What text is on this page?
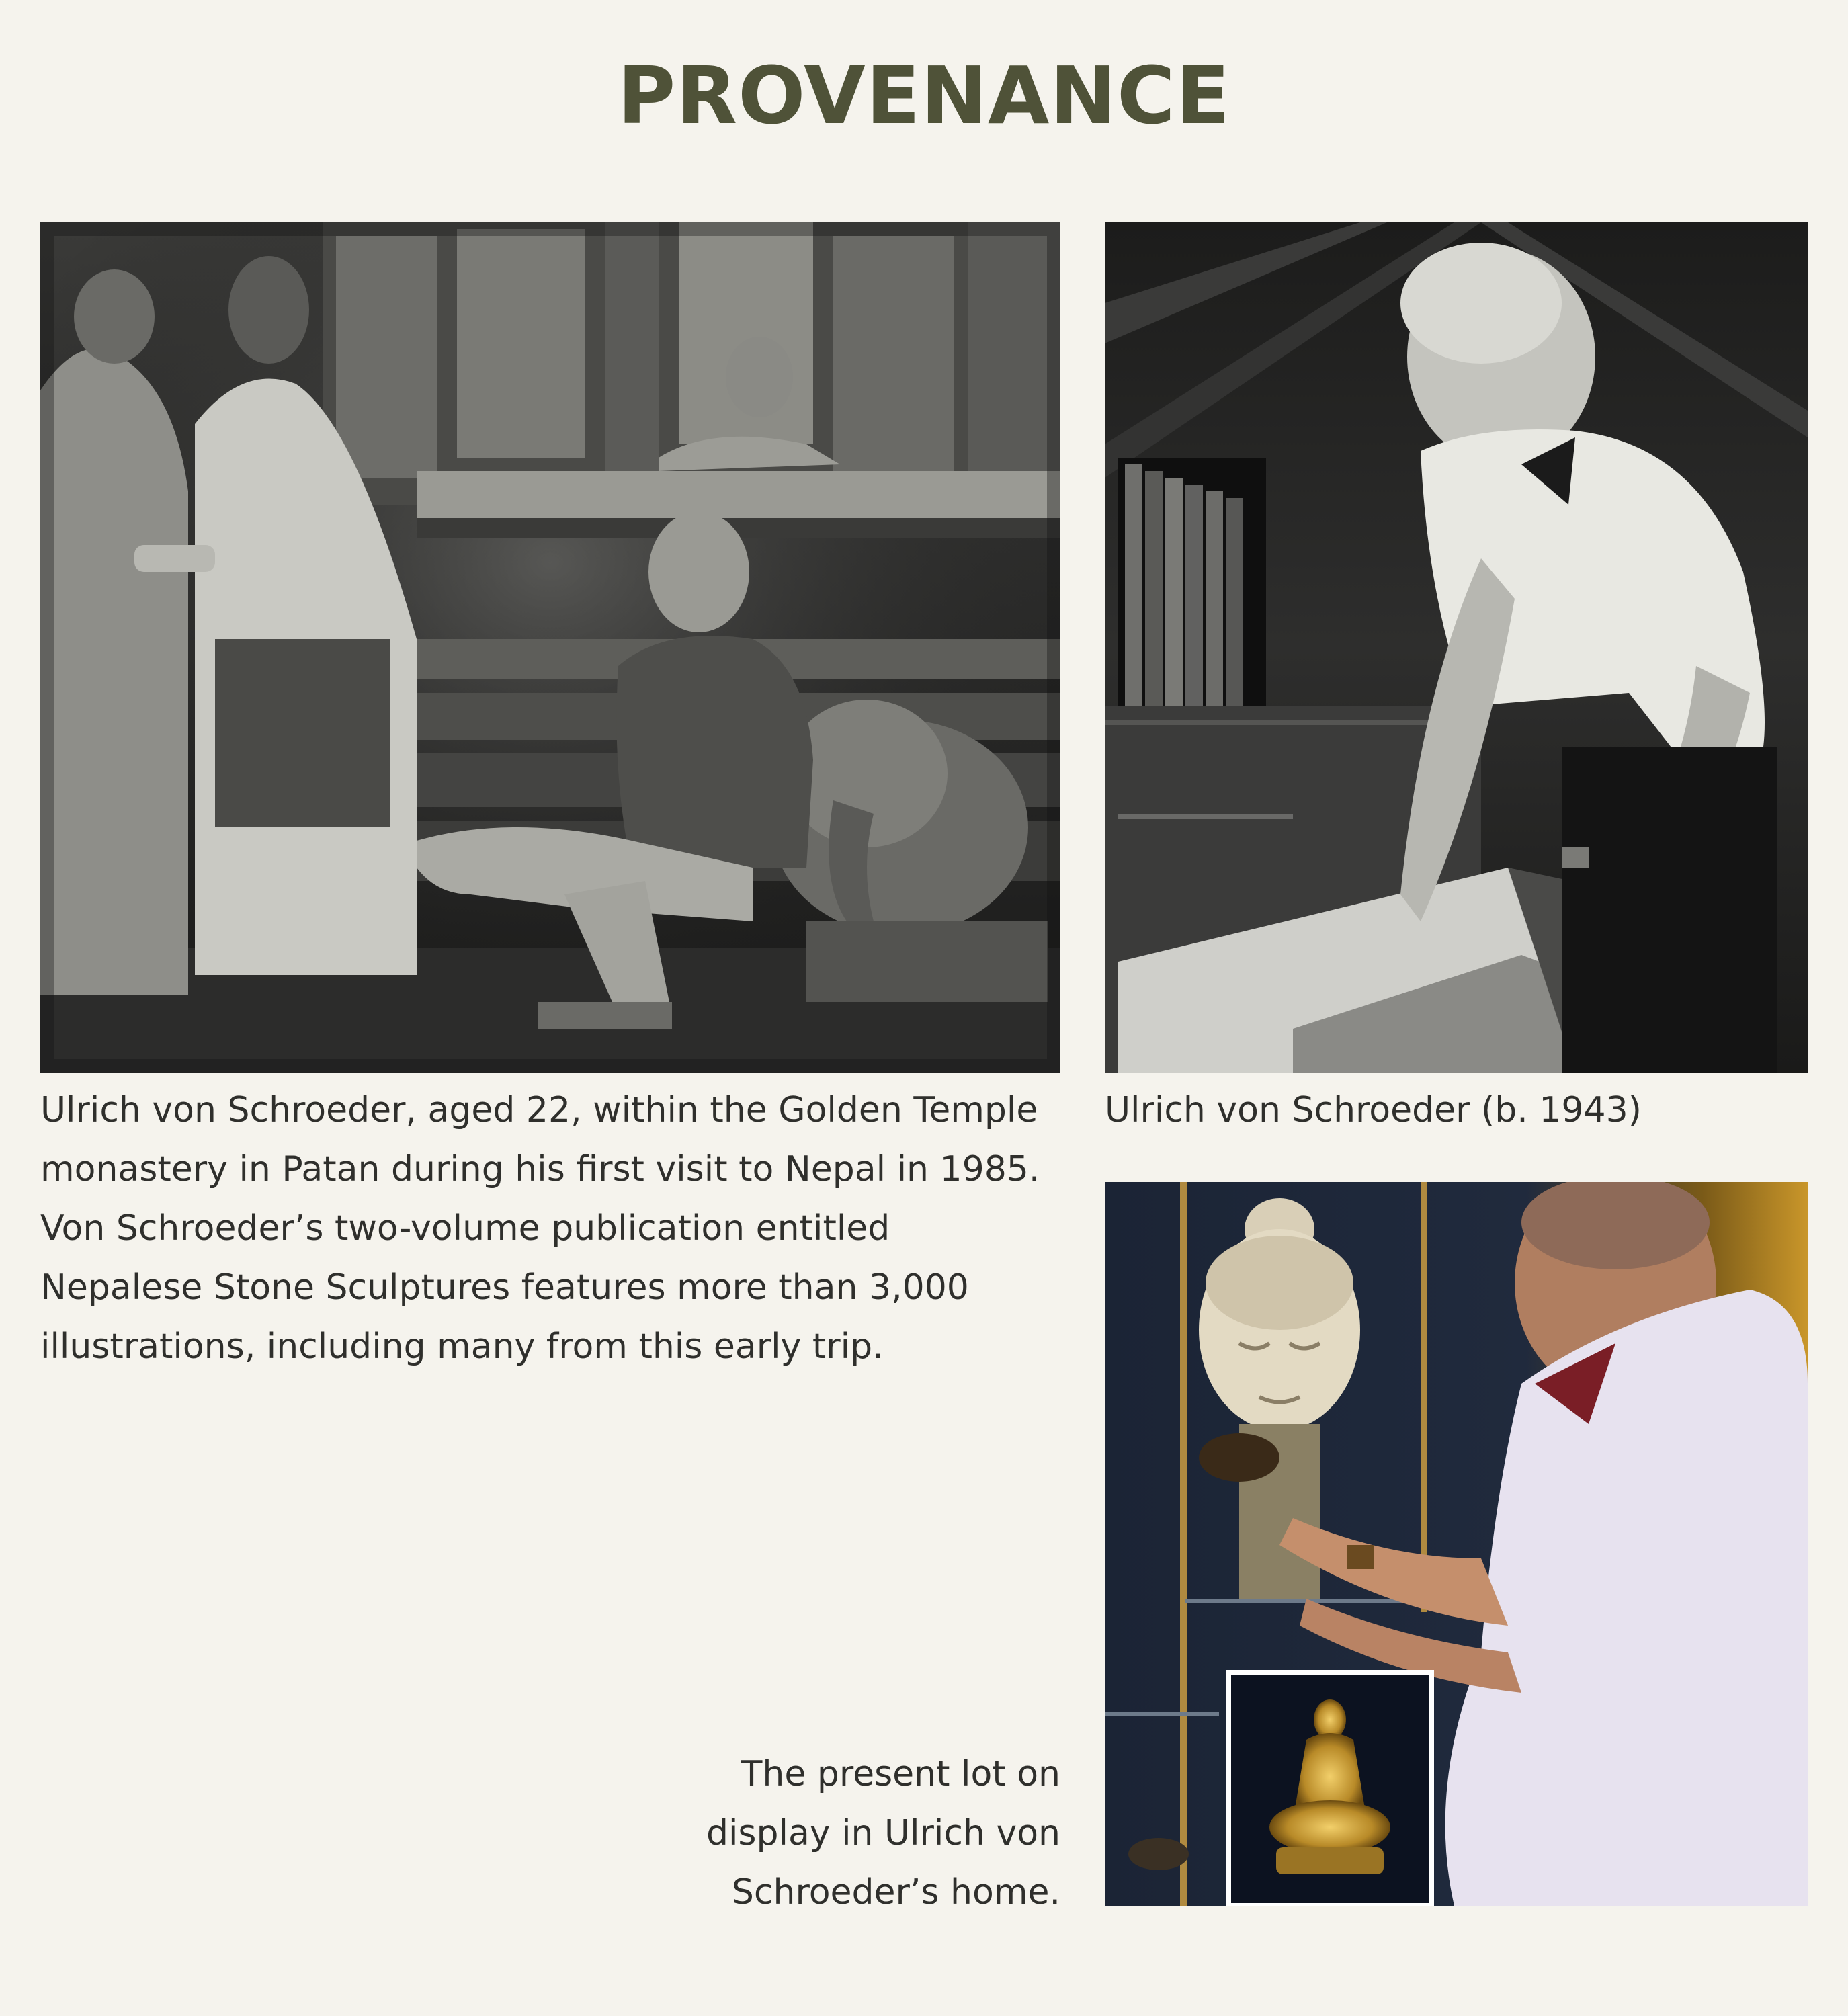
PROVENANCE

Ulrich von Schroeder, aged 22, within the Golden Temple monastery in Patan during his first visit to Nepal in 1985. Von Schroeder’s two-volume publication entitled Nepalese Stone Sculptures features more than 3,000 illustrations, including many from this early trip.

Ulrich von Schroeder (b. 1943)

The present lot on display in Ulrich von Schroeder’s home.
